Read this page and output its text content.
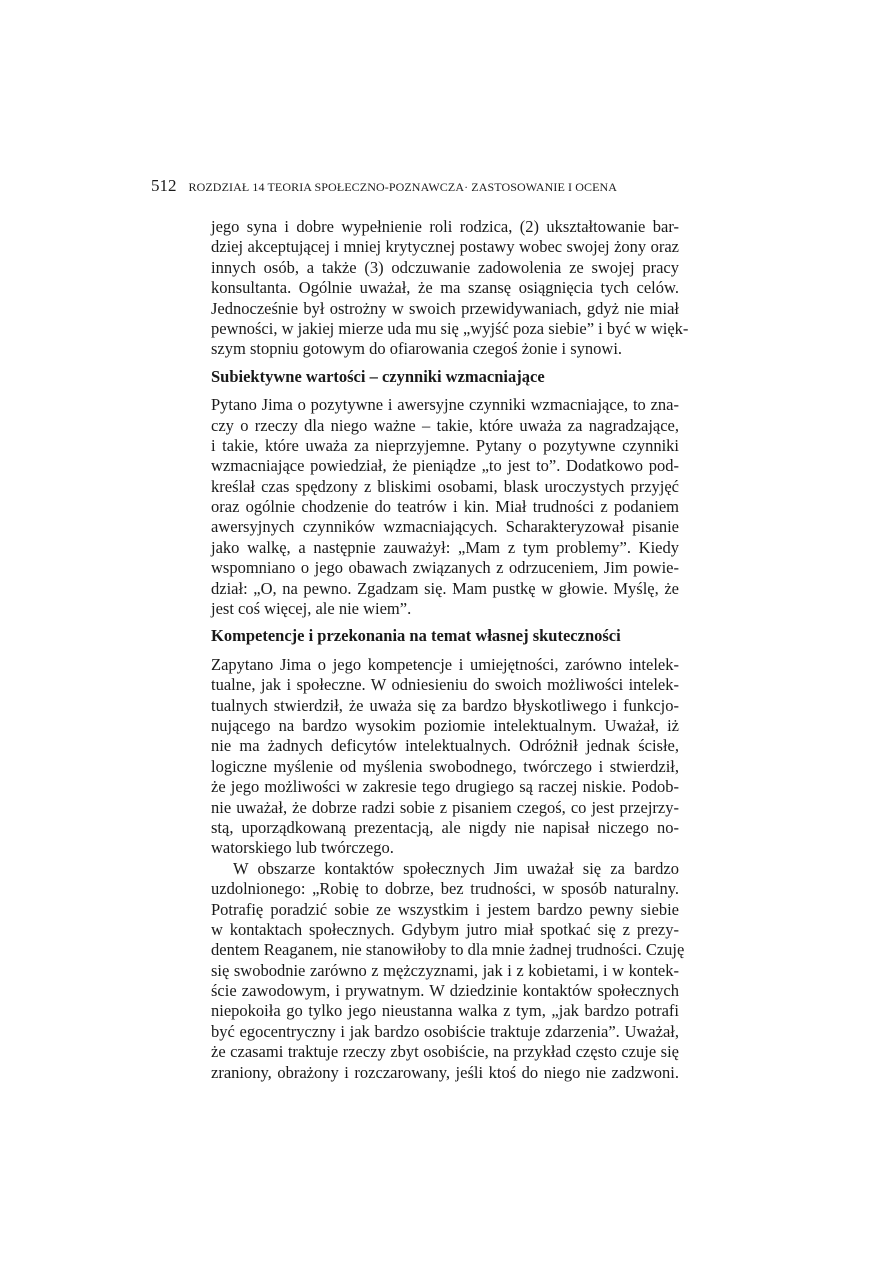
512 ROZDZIAŁ 14 TEORIA SPOŁECZNO-POZNAWCZA· ZASTOSOWANIE I OCENA
jego syna i dobre wypełnienie roli rodzica, (2) ukształtowanie bar-
dziej akceptującej i mniej krytycznej postawy wobec swojej żony oraz
innych osób, a także (3) odczuwanie zadowolenia ze swojej pracy
konsultanta. Ogólnie uważał, że ma szansę osiągnięcia tych celów.
Jednocześnie był ostrożny w swoich przewidywaniach, gdyż nie miał
pewności, w jakiej mierze uda mu się „wyjść poza siebie” i być w więk-
szym stopniu gotowym do ofiarowania czegoś żonie i synowi.
Subiektywne wartości – czynniki wzmacniające
Pytano Jima o pozytywne i awersyjne czynniki wzmacniające, to zna-
czy o rzeczy dla niego ważne – takie, które uważa za nagradzające,
i takie, które uważa za nieprzyjemne. Pytany o pozytywne czynniki
wzmacniające powiedział, że pieniądze „to jest to”. Dodatkowo pod-
kreślał czas spędzony z bliskimi osobami, blask uroczystych przyjęć
oraz ogólnie chodzenie do teatrów i kin. Miał trudności z podaniem
awersyjnych czynników wzmacniających. Scharakteryzował pisanie
jako walkę, a następnie zauważył: „Mam z tym problemy”. Kiedy
wspomniano o jego obawach związanych z odrzuceniem, Jim powie-
dział: „O, na pewno. Zgadzam się. Mam pustkę w głowie. Myślę, że
jest coś więcej, ale nie wiem”.
Kompetencje i przekonania na temat własnej skuteczności
Zapytano Jima o jego kompetencje i umiejętności, zarówno intelek-
tualne, jak i społeczne. W odniesieniu do swoich możliwości intelek-
tualnych stwierdził, że uważa się za bardzo błyskotliwego i funkcjo-
nującego na bardzo wysokim poziomie intelektualnym. Uważał, iż
nie ma żadnych deficytów intelektualnych. Odróżnił jednak ścisłe,
logiczne myślenie od myślenia swobodnego, twórczego i stwierdził,
że jego możliwości w zakresie tego drugiego są raczej niskie. Podob-
nie uważał, że dobrze radzi sobie z pisaniem czegoś, co jest przejrzy-
stą, uporządkowaną prezentacją, ale nigdy nie napisał niczego no-
watorskiego lub twórczego.
W obszarze kontaktów społecznych Jim uważał się za bardzo
uzdolnionego: „Robię to dobrze, bez trudności, w sposób naturalny.
Potrafię poradzić sobie ze wszystkim i jestem bardzo pewny siebie
w kontaktach społecznych. Gdybym jutro miał spotkać się z prezy-
dentem Reaganem, nie stanowiłoby to dla mnie żadnej trudności. Czuję
się swobodnie zarówno z mężczyznami, jak i z kobietami, i w kontek-
ście zawodowym, i prywatnym. W dziedzinie kontaktów społecznych
niepokoiła go tylko jego nieustanna walka z tym, „jak bardzo potrafi
być egocentryczny i jak bardzo osobiście traktuje zdarzenia”. Uważał,
że czasami traktuje rzeczy zbyt osobiście, na przykład często czuje się
zraniony, obrażony i rozczarowany, jeśli ktoś do niego nie zadzwoni.
